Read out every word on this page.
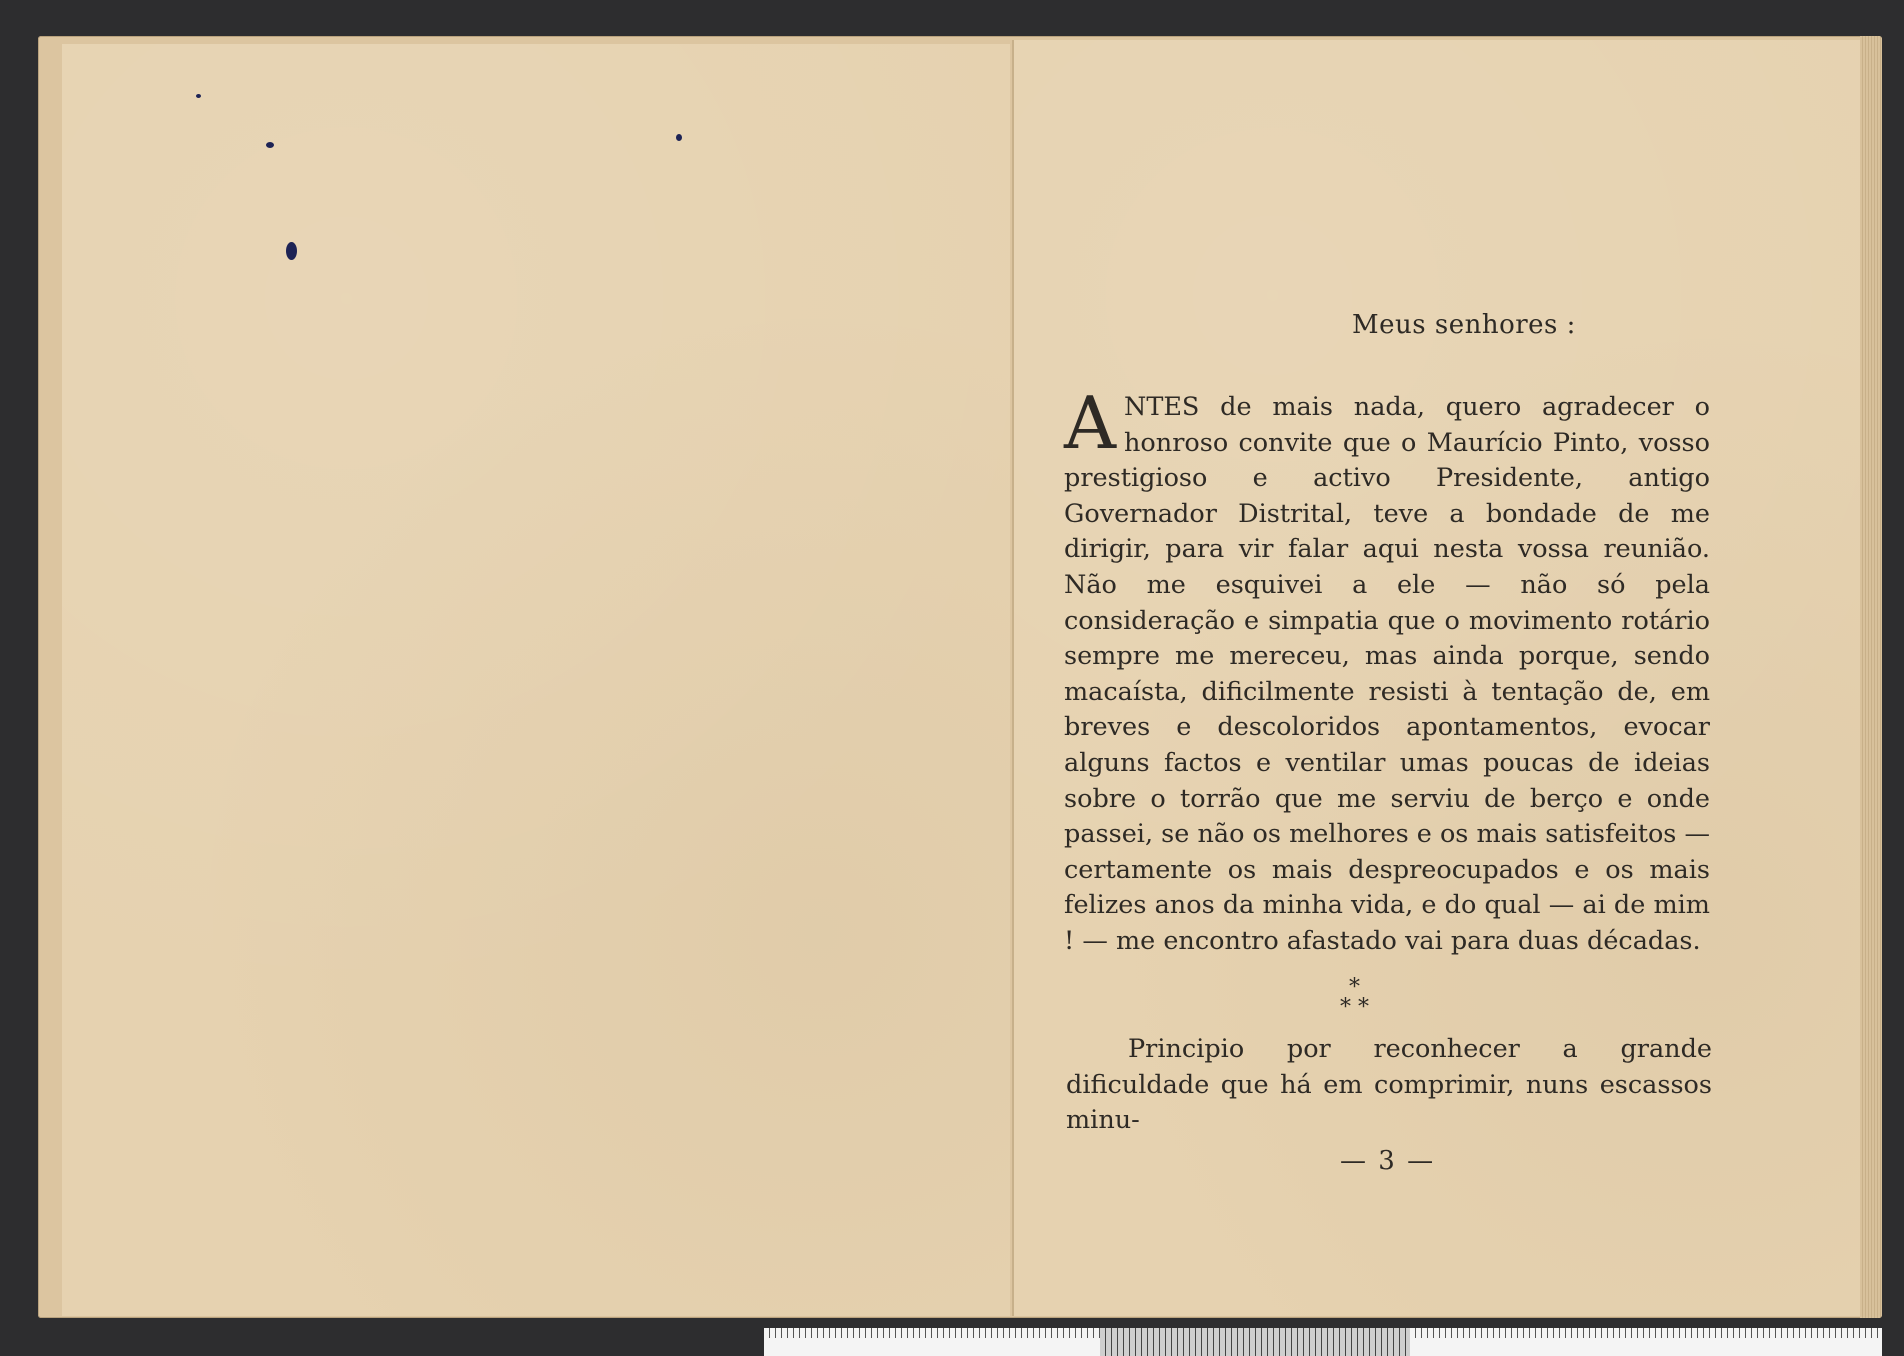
Meus senhores :
A NTES de mais nada, quero agradecer o honroso convite que o Maurício Pinto, vosso prestigioso e activo Presidente, antigo Governador Distrital, teve a bondade de me dirigir, para vir falar aqui nesta vossa reunião. Não me esquivei a ele — não só pela consideração e simpatia que o movimento rotário sempre me mereceu, mas ainda porque, sendo macaísta, dificilmente resisti à tentação de, em breves e descoloridos apontamentos, evocar alguns factos e ventilar umas poucas de ideias sobre o torrão que me serviu de berço e onde passei, se não os melhores e os mais satisfeitos — certamente os mais despreocupados e os mais felizes anos da minha vida, e do qual — ai de mim ! — me encontro afastado vai para duas décadas.
*
* *
Principio por reconhecer a grande dificuldade que há em comprimir, nuns escassos minu-
— 3 —
